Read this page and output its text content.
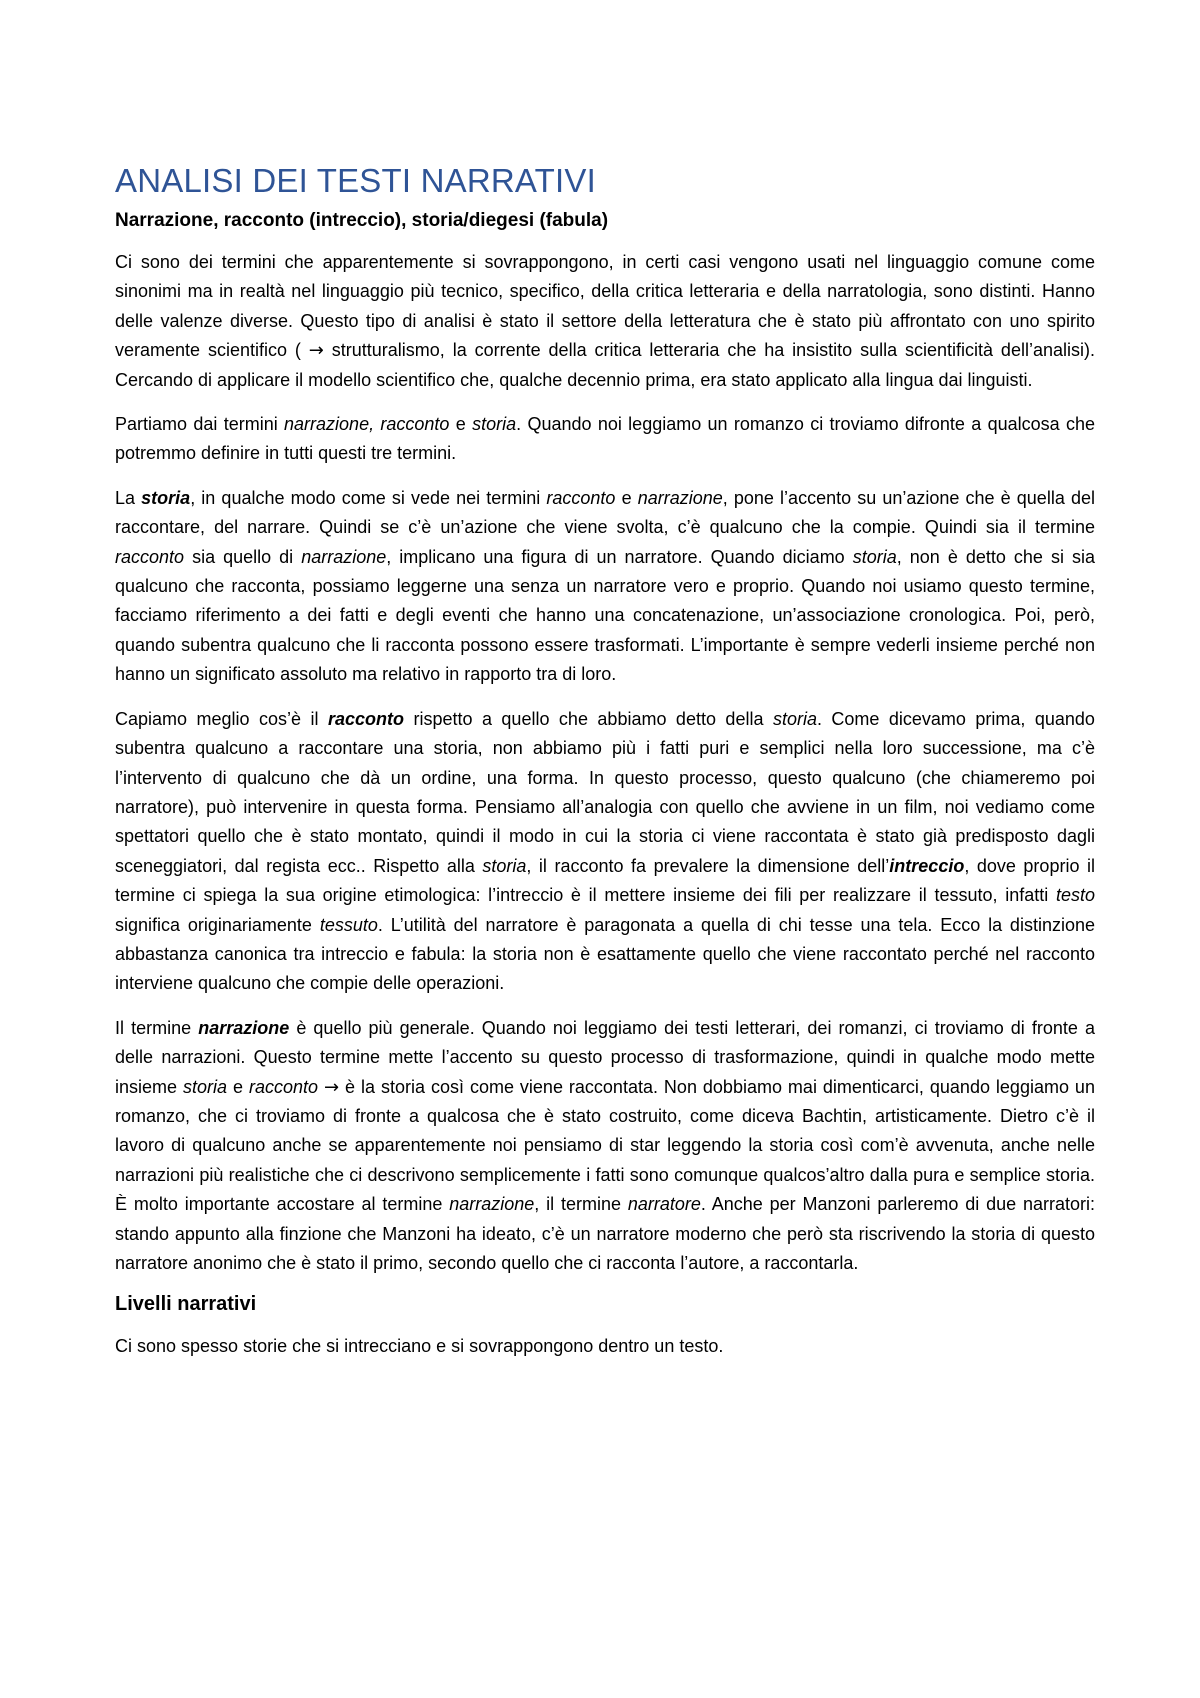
ANALISI DEI TESTI NARRATIVI
Narrazione, racconto (intreccio), storia/diegesi (fabula)

Ci sono dei termini che apparentemente si sovrappongono, in certi casi vengono usati nel linguaggio comune come sinonimi ma in realtà nel linguaggio più tecnico, specifico, della critica letteraria e della narratologia, sono distinti. Hanno delle valenze diverse. Questo tipo di analisi è stato il settore della letteratura che è stato più affrontato con uno spirito veramente scientifico ( → strutturalismo, la corrente della critica letteraria che ha insistito sulla scientificità dell’analisi). Cercando di applicare il modello scientifico che, qualche decennio prima, era stato applicato alla lingua dai linguisti.

Partiamo dai termini narrazione, racconto e storia. Quando noi leggiamo un romanzo ci troviamo difronte a qualcosa che potremmo definire in tutti questi tre termini.

La storia, in qualche modo come si vede nei termini racconto e narrazione, pone l’accento su un’azione che è quella del raccontare, del narrare. Quindi se c’è un’azione che viene svolta, c’è qualcuno che la compie. Quindi sia il termine racconto sia quello di narrazione, implicano una figura di un narratore. Quando diciamo storia, non è detto che si sia qualcuno che racconta, possiamo leggerne una senza un narratore vero e proprio. Quando noi usiamo questo termine, facciamo riferimento a dei fatti e degli eventi che hanno una concatenazione, un’associazione cronologica. Poi, però, quando subentra qualcuno che li racconta possono essere trasformati. L’importante è sempre vederli insieme perché non hanno un significato assoluto ma relativo in rapporto tra di loro.

Capiamo meglio cos’è il racconto rispetto a quello che abbiamo detto della storia. Come dicevamo prima, quando subentra qualcuno a raccontare una storia, non abbiamo più i fatti puri e semplici nella loro successione, ma c’è l’intervento di qualcuno che dà un ordine, una forma. In questo processo, questo qualcuno (che chiameremo poi narratore), può intervenire in questa forma. Pensiamo all’analogia con quello che avviene in un film, noi vediamo come spettatori quello che è stato montato, quindi il modo in cui la storia ci viene raccontata è stato già predisposto dagli sceneggiatori, dal regista ecc.. Rispetto alla storia, il racconto fa prevalere la dimensione dell’intreccio, dove proprio il termine ci spiega la sua origine etimologica: l’intreccio è il mettere insieme dei fili per realizzare il tessuto, infatti testo significa originariamente tessuto. L’utilità del narratore è paragonata a quella di chi tesse una tela. Ecco la distinzione abbastanza canonica tra intreccio e fabula: la storia non è esattamente quello che viene raccontato perché nel racconto interviene qualcuno che compie delle operazioni.

Il termine narrazione è quello più generale. Quando noi leggiamo dei testi letterari, dei romanzi, ci troviamo di fronte a delle narrazioni. Questo termine mette l’accento su questo processo di trasformazione, quindi in qualche modo mette insieme storia e racconto → è la storia così come viene raccontata. Non dobbiamo mai dimenticarci, quando leggiamo un romanzo, che ci troviamo di fronte a qualcosa che è stato costruito, come diceva Bachtin, artisticamente. Dietro c’è il lavoro di qualcuno anche se apparentemente noi pensiamo di star leggendo la storia così com’è avvenuta, anche nelle narrazioni più realistiche che ci descrivono semplicemente i fatti sono comunque qualcos’altro dalla pura e semplice storia. È molto importante accostare al termine narrazione, il termine narratore. Anche per Manzoni parleremo di due narratori: stando appunto alla finzione che Manzoni ha ideato, c’è un narratore moderno che però sta riscrivendo la storia di questo narratore anonimo che è stato il primo, secondo quello che ci racconta l’autore, a raccontarla.

Livelli narrativi

Ci sono spesso storie che si intrecciano e si sovrappongono dentro un testo.
